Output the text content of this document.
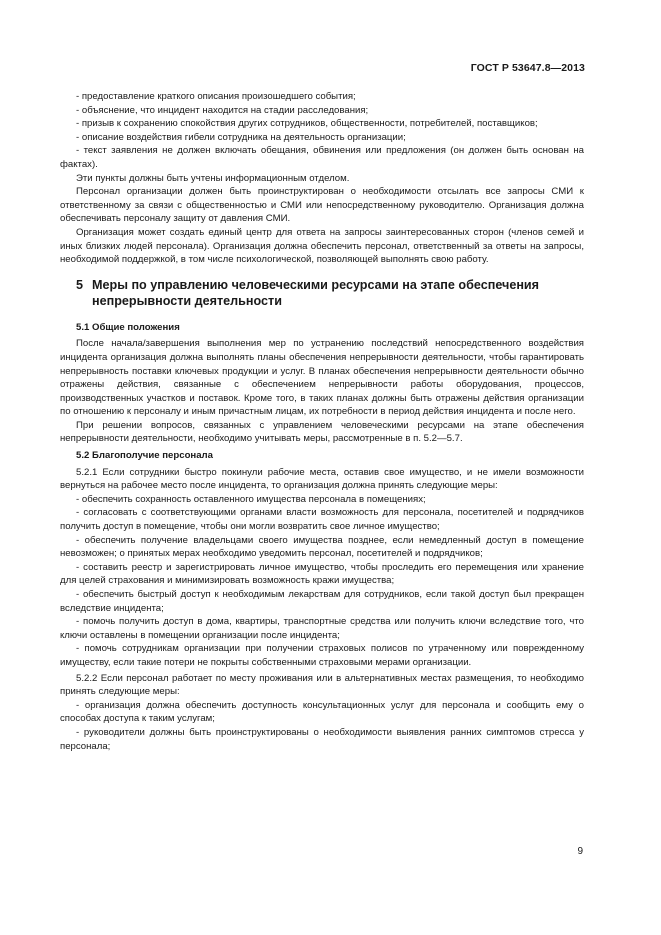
ГОСТ Р 53647.8—2013

- предоставление краткого описания произошедшего события;

- объяснение, что инцидент находится на стадии расследования;

- призыв к сохранению спокойствия других сотрудников, общественности, потребителей, поставщиков;

- описание воздействия гибели сотрудника на деятельность организации;

- текст заявления не должен включать обещания, обвинения или предложения (он должен быть основан на фактах).

Эти пункты должны быть учтены информационным отделом.

Персонал организации должен быть проинструктирован о необходимости отсылать все запросы СМИ к ответственному за связи с общественностью и СМИ или непосредственному руководителю. Организация должна обеспечивать персоналу защиту от давления СМИ.

Организация может создать единый центр для ответа на запросы заинтересованных сторон (членов семей и иных близких людей персонала). Организация должна обеспечить персонал, ответственный за ответы на запросы, необходимой поддержкой, в том числе психологической, позволяющей выполнять свою работу.

5 Меры по управлению человеческими ресурсами на этапе обеспечения
непрерывности деятельности

5.1 Общие положения

После начала/завершения выполнения мер по устранению последствий непосредственного воздействия инцидента организация должна выполнять планы обеспечения непрерывности деятельности, чтобы гарантировать непрерывность поставки ключевых продукции и услуг. В планах обеспечения непрерывности деятельности обычно отражены действия, связанные с обеспечением непрерывности работы оборудования, процессов, производственных участков и поставок. Кроме того, в таких планах должны быть отражены действия организации по отношению к персоналу и иным причастным лицам, их потребности в период действия инцидента и после него.

При решении вопросов, связанных с управлением человеческими ресурсами на этапе обеспечения непрерывности деятельности, необходимо учитывать меры, рассмотренные в п. 5.2—5.7.

5.2 Благополучие персонала

5.2.1 Если сотрудники быстро покинули рабочие места, оставив свое имущество, и не имели возможности вернуться на рабочее место после инцидента, то организация должна принять следующие меры:

- обеспечить сохранность оставленного имущества персонала в помещениях;

- согласовать с соответствующими органами власти возможность для персонала, посетителей и подрядчиков получить доступ в помещение, чтобы они могли возвратить свое личное имущество;

- обеспечить получение владельцами своего имущества позднее, если немедленный доступ в помещение невозможен; о принятых мерах необходимо уведомить персонал, посетителей и подрядчиков;

- составить реестр и зарегистрировать личное имущество, чтобы проследить его перемещения или хранение для целей страхования и минимизировать возможность кражи имущества;

- обеспечить быстрый доступ к необходимым лекарствам для сотрудников, если такой доступ был прекращен вследствие инцидента;

- помочь получить доступ в дома, квартиры, транспортные средства или получить ключи вследствие того, что ключи оставлены в помещении организации после инцидента;

- помочь сотрудникам организации при получении страховых полисов по утраченному или поврежденному имуществу, если такие потери не покрыты собственными страховыми мерами организации.

5.2.2 Если персонал работает по месту проживания или в альтернативных местах размещения, то необходимо принять следующие меры:

- организация должна обеспечить доступность консультационных услуг для персонала и сообщить ему о способах доступа к таким услугам;

- руководители должны быть проинструктированы о необходимости выявления ранних симптомов стресса у персонала;

9
